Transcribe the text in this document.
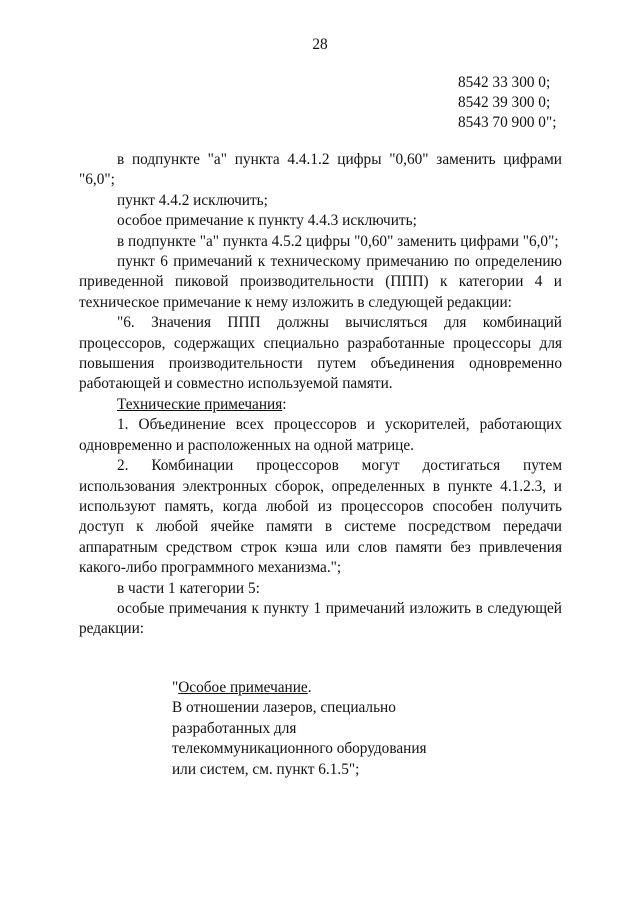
28
8542 33 300 0;
8542 39 300 0;
8543 70 900 0";

в подпункте "а" пункта 4.4.1.2 цифры "0,60" заменить цифрами "6,0";

пункт 4.4.2 исключить;

особое примечание к пункту 4.4.3 исключить;

в подпункте "а" пункта 4.5.2 цифры "0,60" заменить цифрами "6,0";

пункт 6 примечаний к техническому примечанию по определению приведенной пиковой производительности (ППП) к категории 4 и техническое примечание к нему изложить в следующей редакции:

"6. Значения ППП должны вычисляться для комбинаций процессоров, содержащих специально разработанные процессоры для повышения производительности путем объединения одновременно работающей и совместно используемой памяти.

Технические примечания:

1. Объединение всех процессоров и ускорителей, работающих одновременно и расположенных на одной матрице.

2. Комбинации процессоров могут достигаться путем использования электронных сборок, определенных в пункте 4.1.2.3, и используют память, когда любой из процессоров способен получить доступ к любой ячейке памяти в системе посредством передачи аппаратным средством строк кэша или слов памяти без привлечения какого-либо программного механизма.";

в части 1 категории 5:

особые примечания к пункту 1 примечаний изложить в следующей редакции:

"Особое примечание.
В отношении лазеров, специально
разработанных для
телекоммуникационного оборудования
или систем, см. пункт 6.1.5";
